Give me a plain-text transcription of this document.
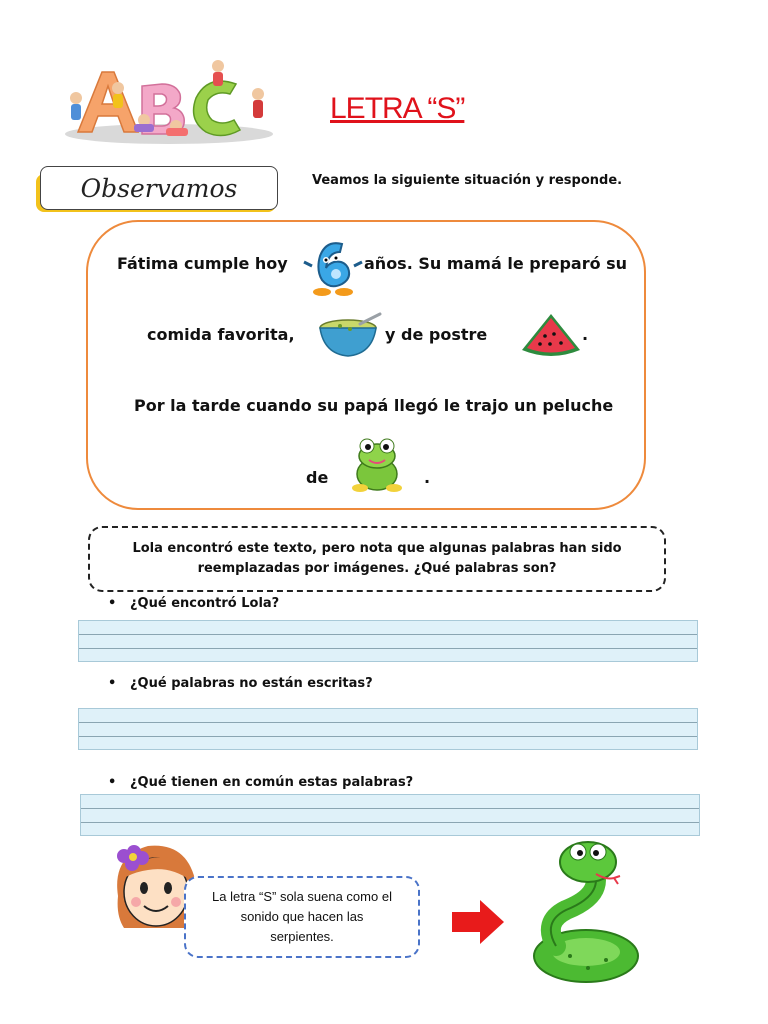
LETRA “S”
Observamos	Veamos la siguiente situación y responde.
Fátima cumple hoy	años. Su mamá le preparó su
comida favorita,	y de postre	.
Por la tarde cuando su papá llegó le trajo un peluche
de	.
Lola encontró este texto, pero nota que algunas palabras han sido
reemplazadas por imágenes. ¿Qué palabras son?
• ¿Qué encontró Lola?
• ¿Qué palabras no están escritas?
• ¿Qué tienen en común estas palabras?
La letra “S” sola suena como el
sonido que hacen las
serpientes.
